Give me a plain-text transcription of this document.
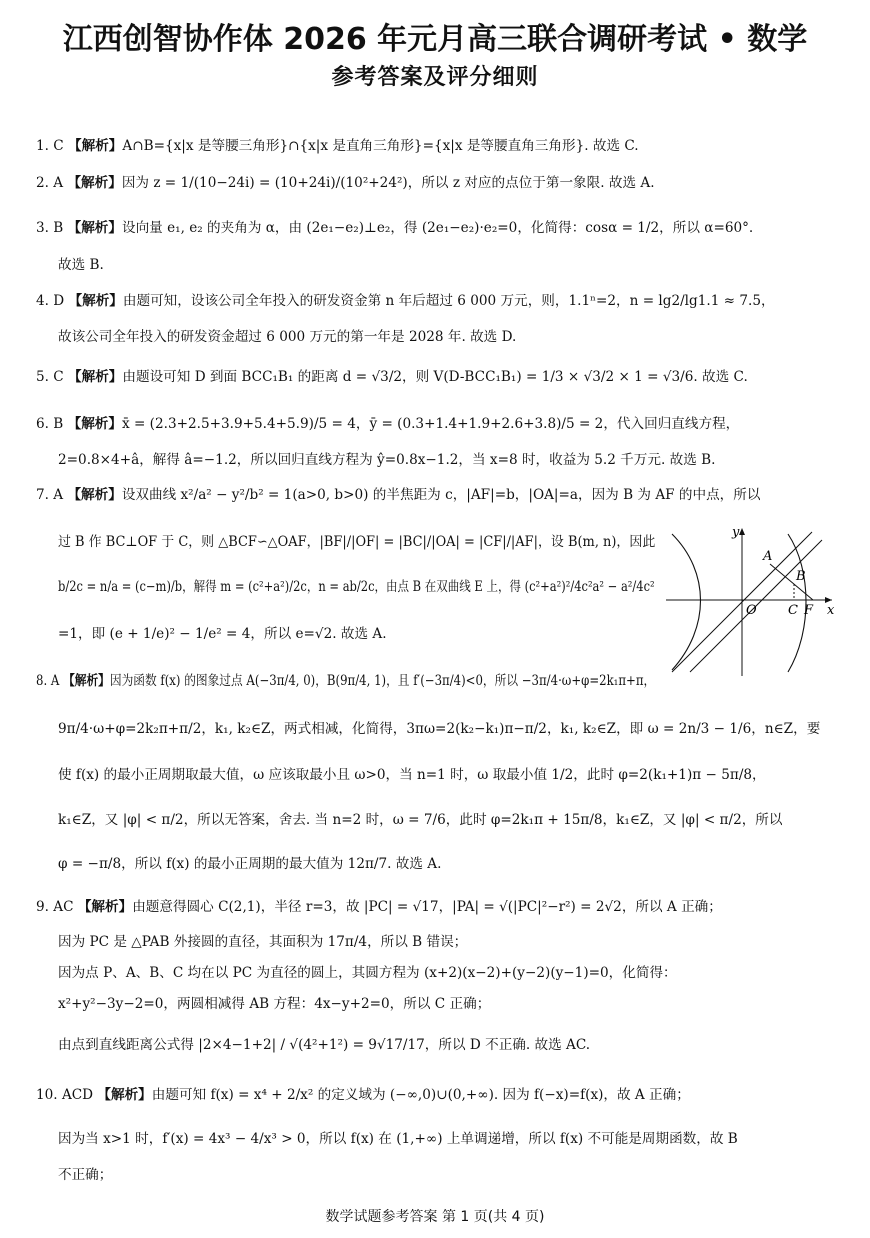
江西创智协作体 2026 年元月高三联合调研考试 • 数学
参考答案及评分细则
1. C 【解析】A∩B={x|x 是等腰三角形}∩{x|x 是直角三角形}={x|x 是等腰直角三角形}. 故选 C.
2. A 【解析】因为 z = 1/(10−24i) = (10+24i)/(10²+24²)，所以 z 对应的点位于第一象限. 故选 A.
3. B 【解析】设向量 e₁, e₂ 的夹角为 α，由 (2e₁−e₂)⊥e₂，得 (2e₁−e₂)·e₂=0，化简得：cosα = 1/2，所以 α=60°.
故选 B.
4. D 【解析】由题可知，设该公司全年投入的研发资金第 n 年后超过 6 000 万元，则，1.1ⁿ=2，n = lg2/lg1.1 ≈ 7.5，
故该公司全年投入的研发资金超过 6 000 万元的第一年是 2028 年. 故选 D.
5. C 【解析】由题设可知 D 到面 BCC₁B₁ 的距离 d = √3/2，则 V(D-BCC₁B₁) = 1/3 × √3/2 × 1 = √3/6. 故选 C.
6. B 【解析】x̄ = (2.3+2.5+3.9+5.4+5.9)/5 = 4，ȳ = (0.3+1.4+1.9+2.6+3.8)/5 = 2，代入回归直线方程，
2=0.8×4+â，解得 â=−1.2，所以回归直线方程为 ŷ=0.8x−1.2，当 x=8 时，收益为 5.2 千万元. 故选 B.
7. A 【解析】设双曲线 x²/a² − y²/b² = 1(a>0, b>0) 的半焦距为 c，|AF|=b，|OA|=a，因为 B 为 AF 的中点，所以
过 B 作 BC⊥OF 于 C，则 △BCF∽△OAF，|BF|/|OF| = |BC|/|OA| = |CF|/|AF|，设 B(m, n)，因此
b/2c = n/a = (c−m)/b，解得 m = (c²+a²)/2c，n = ab/2c，由点 B 在双曲线 E 上，得 (c²+a²)²/4c²a² − a²/4c²
=1，即 (e + 1/e)² − 1/e² = 4，所以 e=√2. 故选 A.
8. A 【解析】因为函数 f(x) 的图象过点 A(−3π/4, 0)，B(9π/4, 1)，且 f′(−3π/4)<0，所以 −3π/4·ω+φ=2k₁π+π，
9π/4·ω+φ=2k₂π+π/2，k₁, k₂∈Z，两式相减，化简得，3πω=2(k₂−k₁)π−π/2，k₁, k₂∈Z，即 ω = 2n/3 − 1/6，n∈Z，要
使 f(x) 的最小正周期取最大值，ω 应该取最小且 ω>0，当 n=1 时，ω 取最小值 1/2，此时 φ=2(k₁+1)π − 5π/8，
k₁∈Z，又 |φ| < π/2，所以无答案，舍去. 当 n=2 时，ω = 7/6，此时 φ=2k₁π + 15π/8，k₁∈Z，又 |φ| < π/2，所以
φ = −π/8，所以 f(x) 的最小正周期的最大值为 12π/7. 故选 A.
9. AC 【解析】由题意得圆心 C(2,1)，半径 r=3，故 |PC| = √17，|PA| = √(|PC|²−r²) = 2√2，所以 A 正确；
因为 PC 是 △PAB 外接圆的直径，其面积为 17π/4，所以 B 错误；
因为点 P、A、B、C 均在以 PC 为直径的圆上，其圆方程为 (x+2)(x−2)+(y−2)(y−1)=0，化简得：
x²+y²−3y−2=0，两圆相减得 AB 方程：4x−y+2=0，所以 C 正确；
由点到直线距离公式得 |2×4−1+2| / √(4²+1²) = 9√17/17，所以 D 不正确. 故选 AC.
10. ACD 【解析】由题可知 f(x) = x⁴ + 2/x² 的定义域为 (−∞,0)∪(0,+∞). 因为 f(−x)=f(x)，故 A 正确；
因为当 x>1 时，f′(x) = 4x³ − 4/x³ > 0，所以 f(x) 在 (1,+∞) 上单调递增，所以 f(x) 不可能是周期函数，故 B
不正确；
y
x
O
A
B
C F
数学试题参考答案 第 1 页(共 4 页)
